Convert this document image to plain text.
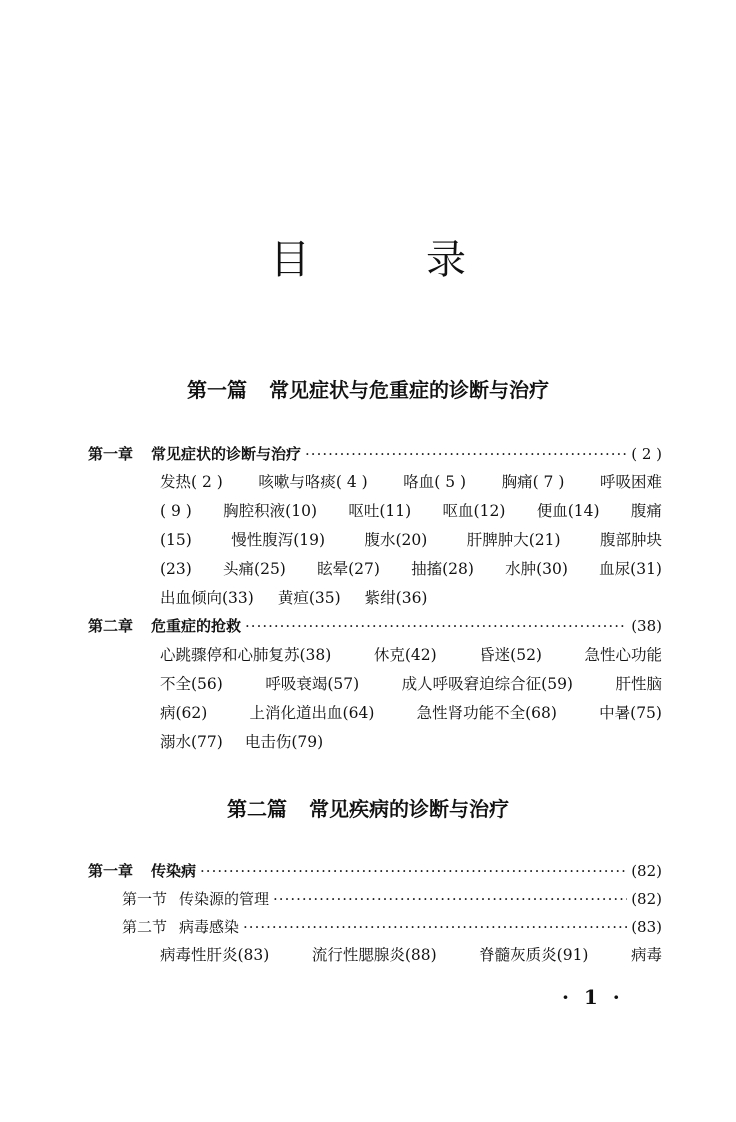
目　录
第一篇 常见症状与危重症的诊断与治疗
第一章 常见症状的诊断与治疗 ·····	( 2 )
发热( 2 ) 咳嗽与咯痰( 4 ) 咯血( 5 ) 胸痛( 7 ) 呼吸困难
( 9 ) 胸腔积液(10) 呕吐(11) 呕血(12) 便血(14) 腹痛
(15)	慢性腹泻(19)	腹水(20)	肝脾肿大(21)	腹部肿块
(23) 头痛(25) 眩晕(27) 抽搐(28) 水肿(30) 血尿(31)
出血倾向(33) 黄疸(35) 紫绀(36)
第二章 危重症的抢救 ·····	(38)
心跳骤停和心肺复苏(38)	休克(42)	昏迷(52)	急性心功能
不全(56)	呼吸衰竭(57)	成人呼吸窘迫综合征(59)	肝性脑
病(62)	上消化道出血(64)	急性肾功能不全(68)	中暑(75)
溺水(77) 电击伤(79)
第二篇 常见疾病的诊断与治疗
第一章 传染病 ·····	(82)
第一节 传染源的管理 ·····	(82)
第二节 病毒感染 ·····	(83)
病毒性肝炎(83)	流行性腮腺炎(88)	脊髓灰质炎(91)	病毒
· 1 ·
